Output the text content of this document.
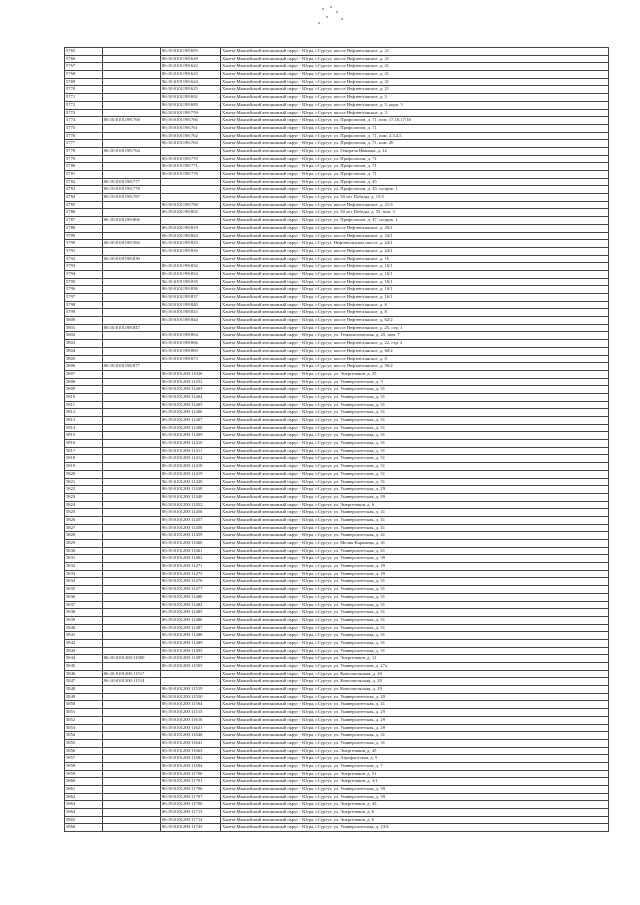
5765		86:10:0101198:695	Ханты-Мансийский автономный округ - Югра, г.Сургут, шоссе Нефтеюганское, д. 21
5766		86:10:0101198:620	Ханты-Мансийский автономный округ - Югра, г.Сургут, шоссе Нефтеюганское, д. 21
5767		86:10:0101198:622	Ханты-Мансийский автономный округ - Югра, г.Сургут, шоссе Нефтеюганское, д. 21
5768		86:10:0101198:623	Ханты-Мансийский автономный округ - Югра, г.Сургут, шоссе Нефтеюганское, д. 21
5769		86:10:0101198:624	Ханты-Мансийский автономный округ - Югра, г.Сургут, шоссе Нефтеюганское, д. 21
5770		86:10:0101198:625	Ханты-Мансийский автономный округ - Югра, г.Сургут, шоссе Нефтеюганское, д. 21
5771		86:10:0101198:692	Ханты-Мансийский автономный округ - Югра, г.Сургут, шоссе Нефтеюганское, д. 3
5772		86:10:0101198:689	Ханты-Мансийский автономный округ - Югра, г.Сургут, шоссе Нефтеюганское, д. 5, корп. 3
5773		86:10:0101198:759	Ханты-Мансийский автономный округ - Югра, г.Сургут, шоссе Нефтеюганское, д. 3
5774	86:10:0101198:768	86:10:0101198:766	Ханты-Мансийский автономный округ - Югра, г.Сургут, ул. Профсоюзов, д. 71, пом. 17,18,17/18
5775		86:10:0101198:761	Ханты-Мансийский автономный округ - Югра, г.Сургут, ул. Профсоюзов, д. 71
5776		86:10:0101198:762	Ханты-Мансийский автономный округ - Югра, г.Сургут, ул. Профсоюзов, д. 71, пом. 2,3,4,5
5777		86:10:0101198:763	Ханты-Мансийский автономный округ - Югра, г.Сургут, ул. Профсоюзов, д. 71, пом. 20
5778	86:10:0101198:764		Ханты-Мансийский автономный округ - Югра, г.Сургут, ул. Генерала Иванова, д. 12
5779		86:10:0101198:770	Ханты-Мансийский автономный округ - Югра, г.Сургут, ул. Профсоюзов, д. 71
5780		86:10:0101198:771	Ханты-Мансийский автономный округ - Югра, г.Сургут, ул. Профсоюзов, д. 71
5781		86:10:0101198:776	Ханты-Мансийский автономный округ - Югра, г.Сургут, ул. Профсоюзов, д. 71
5782	86:10:0101198:777		Ханты-Мансийский автономный округ - Югра, г.Сургут, ул. Профсоюзов, д. 45
5783	86:10:0101198:778		Ханты-Мансийский автономный округ - Югра, г.Сургут, ул. Профсоюзов, д. 45, сооруж. 1
5784	86:10:0101198:787		Ханты-Мансийский автономный округ - Югра, г.Сургут, ул. 30 лет Победы, д. 15/2
5785		86:10:0101198:796	Ханты-Мансийский автономный округ - Югра, г.Сургут, шоссе Нефтеюганское, д. 21/4
5786		86:10:0101198:802	Ханты-Мансийский автономный округ - Югра, г.Сургут, ул. 30 лет Победы, д. 53, пом. 3
5787	86:10:0101198:806		Ханты-Мансийский автономный округ - Югра, г.Сургут, ул. Профсоюзов, д. 47, сооруж. 1
5788		86:10:0101198:819	Ханты-Мансийский автономный округ - Югра, г.Сургут, шоссе Нефтеюганское, д. 20/1
5789		86:10:0101198:824	Ханты-Мансийский автономный округ - Югра, г.Сургут, шоссе Нефтеюганское, д. 24/1
5790	86:10:0101198:582	86:10:0101198:825	Ханты-Мансийский автономный округ - Югра, г.Сургут, Нефтеюганское шоссе, д. 24/1
5791		86:10:0101198:826	Ханты-Мансийский автономный округ - Югра, г.Сургут, шоссе Нефтеюганское, д. 24/1
5792	86:10:0101198:830		Ханты-Мансийский автономный округ - Югра, г.Сургут, шоссе Нефтеюганское, д. 16
5793		86:10:0101198:832	Ханты-Мансийский автономный округ - Югра, г.Сургут, шоссе Нефтеюганское, д. 16/1
5794		86:10:0101198:834	Ханты-Мансийский автономный округ - Югра, г.Сургут, шоссе Нефтеюганское, д. 16/1
5795		86:10:0101198:835	Ханты-Мансийский автономный округ - Югра, г.Сургут, шоссе Нефтеюганское, д. 16/1
5796		86:10:0101198:836	Ханты-Мансийский автономный округ - Югра, г.Сургут, шоссе Нефтеюганское, д. 16/1
5797		86:10:0101198:837	Ханты-Мансийский автономный округ - Югра, г.Сургут, шоссе Нефтеюганское, д. 16/1
5798		86:10:0101198:840	Ханты-Мансийский автономный округ - Югра, г.Сургут, шоссе Нефтеюганское, д. 8
5799		86:10:0101198:843	Ханты-Мансийский автономный округ - Югра, г.Сургут, шоссе Нефтеюганское, д. 8
5800		86:10:0101198:844	Ханты-Мансийский автономный округ - Югра, г.Сургут, шоссе Нефтеюганское, д. 62/2
5801	86:10:0101198:847		Ханты-Мансийский автономный округ - Югра, г.Сургут, шоссе Нефтеюганское, д. 25, стр. 1
5802		86:10:0101198:864	Ханты-Мансийский автономный округ - Югра, г.Сургут, ул. Технологическая, д. 25, пом. 7
5803		86:10:0101198:866	Ханты-Мансийский автономный округ - Югра, г.Сургут, шоссе Нефтеюганское, д. 22, стр. 2
5804		86:10:0101198:869	Ханты-Мансийский автономный округ - Югра, г.Сургут, шоссе Нефтеюганское, д. 60/2
5805		86:10:0101198:873	Ханты-Мансийский автономный округ - Югра, г.Сургут, шоссе Нефтеюганское, д. 8
5806	86:10:0101198:877		Ханты-Мансийский автономный округ - Югра, г.Сургут, шоссе Нефтеюганское, д. 56/2
5807		86:10:0101200:11026	Ханты-Мансийский автономный округ - Югра, г.Сургут, ул. Энергетиков, д. 25
5808		86:10:0101200:11252	Ханты-Мансийский автономный округ - Югра, г.Сургут, ул. Университетская, д. 3
5809		86:10:0101200:11403	Ханты-Мансийский автономный округ - Югра, г.Сургут, ул. Университетская, д. 31
5810		86:10:0101200:11404	Ханты-Мансийский автономный округ - Югра, г.Сургут, ул. Университетская, д. 31
5811		86:10:0101200:11405	Ханты-Мансийский автономный округ - Югра, г.Сургут, ул. Университетская, д. 31
5812		86:10:0101200:11406	Ханты-Мансийский автономный округ - Югра, г.Сургут, ул. Университетская, д. 31
5813		86:10:0101200:11407	Ханты-Мансийский автономный округ - Югра, г.Сургут, ул. Университетская, д. 31
5814		86:10:0101200:11408	Ханты-Мансийский автономный округ - Югра, г.Сургут, ул. Университетская, д. 31
5815		86:10:0101200:11409	Ханты-Мансийский автономный округ - Югра, г.Сургут, ул. Университетская, д. 31
5816		86:10:0101200:11410	Ханты-Мансийский автономный округ - Югра, г.Сургут, ул. Университетская, д. 31
5817		86:10:0101200:11411	Ханты-Мансийский автономный округ - Югра, г.Сургут, ул. Университетская, д. 31
5818		86:10:0101200:11412	Ханты-Мансийский автономный округ - Югра, г.Сургут, ул. Университетская, д. 31
5819		86:10:0101200:11418	Ханты-Мансийский автономный округ - Югра, г.Сургут, ул. Университетская, д. 31
5820		86:10:0101200:11419	Ханты-Мансийский автономный округ - Югра, г.Сургут, ул. Университетская, д. 31
5821		86:10:0101200:11420	Ханты-Мансийский автономный округ - Югра, г.Сургут, ул. Университетская, д. 31
5822		86:10:0101200:11438	Ханты-Мансийский автономный округ - Югра, г.Сургут, ул. Университетская, д. 29
5823		86:10:0101200:11440	Ханты-Мансийский автономный округ - Югра, г.Сургут, ул. Университетская, д. 39
5824		86:10:0101200:11452	Ханты-Мансийский автономный округ - Югра, г.Сургут, ул. Энергетиков, д. 6
5825		86:10:0101200:11456	Ханты-Мансийский автономный округ - Югра, г.Сургут, ул. Университетская, д. 41
5826		86:10:0101200:11457	Ханты-Мансийский автономный округ - Югра, г.Сургут, ул. Университетская, д. 41
5827		86:10:0101200:11458	Ханты-Мансийский автономный округ - Югра, г.Сургут, ул. Университетская, д. 41
5828		86:10:0101200:11459	Ханты-Мансийский автономный округ - Югра, г.Сургут, ул. Университетская, д. 41
5829		86:10:0101200:11460	Ханты-Мансийский автономный округ - Югра, г.Сургут, ул. Мелик-Карамова, д. 41
5830		86:10:0101200:11461	Ханты-Мансийский автономный округ - Югра, г.Сургут, ул. Университетская, д. 41
5831		86:10:0101200:11462	Ханты-Мансийский автономный округ - Югра, г.Сургут, ул. Университетская, д. 39
5832		86:10:0101200:11471	Ханты-Мансийский автономный округ - Югра, г.Сургут, ул. Университетская, д. 29
5833		86:10:0101200:11475	Ханты-Мансийский автономный округ - Югра, г.Сургут, ул. Университетская, д. 29
5834		86:10:0101200:11476	Ханты-Мансийский автономный округ - Югра, г.Сургут, ул. Университетская, д. 31
5835		86:10:0101200:11477	Ханты-Мансийский автономный округ - Югра, г.Сургут, ул. Университетская, д. 31
5836		86:10:0101200:11480	Ханты-Мансийский автономный округ - Югра, г.Сургут, ул. Университетская, д. 31
5837		86:10:0101200:11482	Ханты-Мансийский автономный округ - Югра, г.Сургут, ул. Университетская, д. 31
5838		86:10:0101200:11485	Ханты-Мансийский автономный округ - Югра, г.Сургут, ул. Университетская, д. 31
5839		86:10:0101200:11486	Ханты-Мансийский автономный округ - Югра, г.Сургут, ул. Университетская, д. 31
5840		86:10:0101200:11487	Ханты-Мансийский автономный округ - Югра, г.Сургут, ул. Университетская, д. 31
5841		86:10:0101200:11488	Ханты-Мансийский автономный округ - Югра, г.Сургут, ул. Университетская, д. 31
5842		86:10:0101200:11489	Ханты-Мансийский автономный округ - Югра, г.Сургут, ул. Университетская, д. 31
5843		86:10:0101200:11495	Ханты-Мансийский автономный округ - Югра, г.Сургут, ул. Университетская, д. 31
5844	86:10:0101200:11500	86:10:0101200:11497	Ханты-Мансийский автономный округ - Югра, г.Сургут, ул. Энергетиков, д. 12
5845		86:10:0101200:11505	Ханты-Мансийский автономный округ - Югра, г.Сургут, ул. Университетская, д. 27а
5846	86:10:0101200:11517		Ханты-Мансийский автономный округ - Югра, г.Сургут, ул. Комсомольская, д. 20
5847	86:10:0101200:11514		Ханты-Мансийский автономный округ - Югра, г.Сургут, ул. Комсомольская, д. 20
5848		86:10:0101200:11519	Ханты-Мансийский автономный округ - Югра, г.Сургут, ул. Комсомольская, д. 29
5849		86:10:0101200:11550	Ханты-Мансийский автономный округ - Югра, г.Сургут, ул. Университетская, д. 29
5850		86:10:0101200:11564	Ханты-Мансийский автономный округ - Югра, г.Сургут, ул. Университетская, д. 41
5851		86:10:0101200:11515	Ханты-Мансийский автономный округ - Югра, г.Сургут, ул. Университетская, д. 29
5852		86:10:0101200:11616	Ханты-Мансийский автономный округ - Югра, г.Сургут, ул. Университетская, д. 29
5853		86:10:0101200:11621	Ханты-Мансийский автономный округ - Югра, г.Сургут, ул. Университетская, д. 29
5854		86:10:0101200:11640	Ханты-Мансийский автономный округ - Югра, г.Сургут, ул. Университетская, д. 31
5855		86:10:0101200:11641	Ханты-Мансийский автономный округ - Югра, г.Сургут, ул. Университетская, д. 31
5856		86:10:0101200:11663	Ханты-Мансийский автономный округ - Югра, г.Сургут, ул. Энергетиков, д. 45
5857		86:10:0101200:11682	Ханты-Мансийский автономный округ - Югра, г.Сургут, ул. Аэрофлотская, д. 5
5858		86:10:0101200:11694	Ханты-Мансийский автономный округ - Югра, г.Сургут, ул. Университетская, д. 7
5859		86:10:0101200:11700	Ханты-Мансийский автономный округ - Югра, г.Сургут, ул. Энергетиков, д. 51
5860		86:10:0101200:11701	Ханты-Мансийский автономный округ - Югра, г.Сургут, ул. Энергетиков, д. 3/1
5861		86:10:0101200:11706	Ханты-Мансийский автономный округ - Югра, г.Сургут, ул. Университетская, д. 39
5862		86:10:0101200:11707	Ханты-Мансийский автономный округ - Югра, г.Сургут, ул. Университетская, д. 39
5863		86:10:0101200:11708	Ханты-Мансийский автономный округ - Югра, г.Сургут, ул. Энергетиков, д. 45
5864		86:10:0101200:11713	Ханты-Мансийский автономный округ - Югра, г.Сургут, ул. Энергетиков, д. 6
5865		86:10:0101200:11714	Ханты-Мансийский автономный округ - Югра, г.Сургут, ул. Энергетиков, д. 6
5866		86:10:0101200:11745	Ханты-Мансийский автономный округ - Югра, г.Сургут, ул. Университетская, д. 23/4
